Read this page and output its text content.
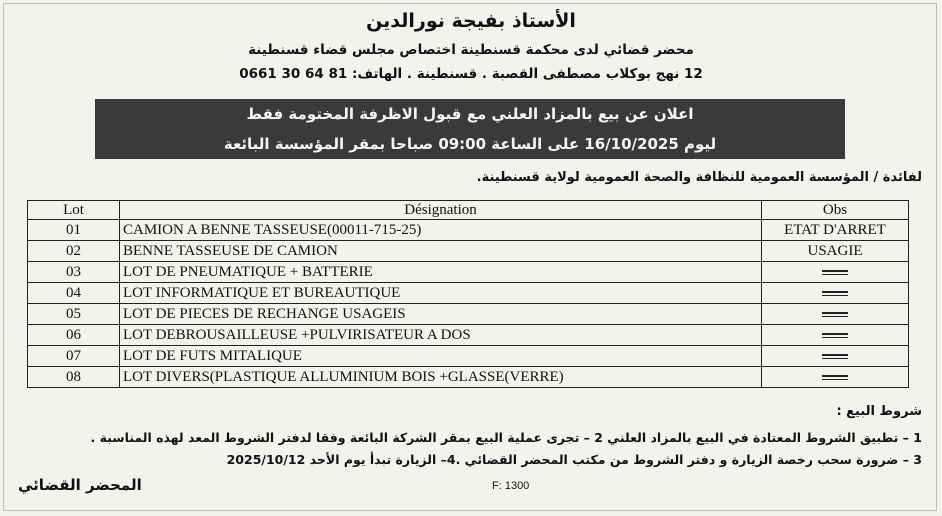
الأستاذ بفيجة نورالدين
محضر قضائي لدى محكمة قسنطينة اختصاص مجلس قضاء قسنطينة
12 نهج بوكلاب مصطفى القصبة . قسنطينة . الهاتف: 81 64 30 0661
اعلان عن بيع بالمزاد العلني مع قبول الاظرفة المختومة فقط
ليوم 16/10/2025 على الساعة 09:00 صباحا بمقر المؤسسة البائعة
لفائدة / المؤسسة العمومية للنظافة والصحة العمومية لولاية قسنطينة.
Lot	Désignation	Obs
01	CAMION A BENNE TASSEUSE(00011-715-25)	ETAT D'ARRET
02	BENNE TASSEUSE DE CAMION	USAGIE
03	LOT DE PNEUMATIQUE + BATTERIE	
04	LOT INFORMATIQUE ET BUREAUTIQUE	
05	LOT DE PIECES DE RECHANGE USAGEIS	
06	LOT DEBROUSAILLEUSE +PULVIRISATEUR A DOS	
07	LOT DE FUTS MITALIQUE	
08	LOT DIVERS(PLASTIQUE ALLUMINIUM BOIS +GLASSE(VERRE)	
شروط البيع :
1 – تطبيق الشروط المعتادة في البيع بالمزاد العلني 2 – تجرى عملية البيع بمقر الشركة البائعة وفقا لدفتر الشروط المعد لهذه المناسبة .
3 – ضرورة سحب رخصة الزيارة و دفتر الشروط من مكتب المحضر القضائي .4– الزيارة تبدأ يوم الأحد 2025/10/12
المحضر القضائي	F: 1300
